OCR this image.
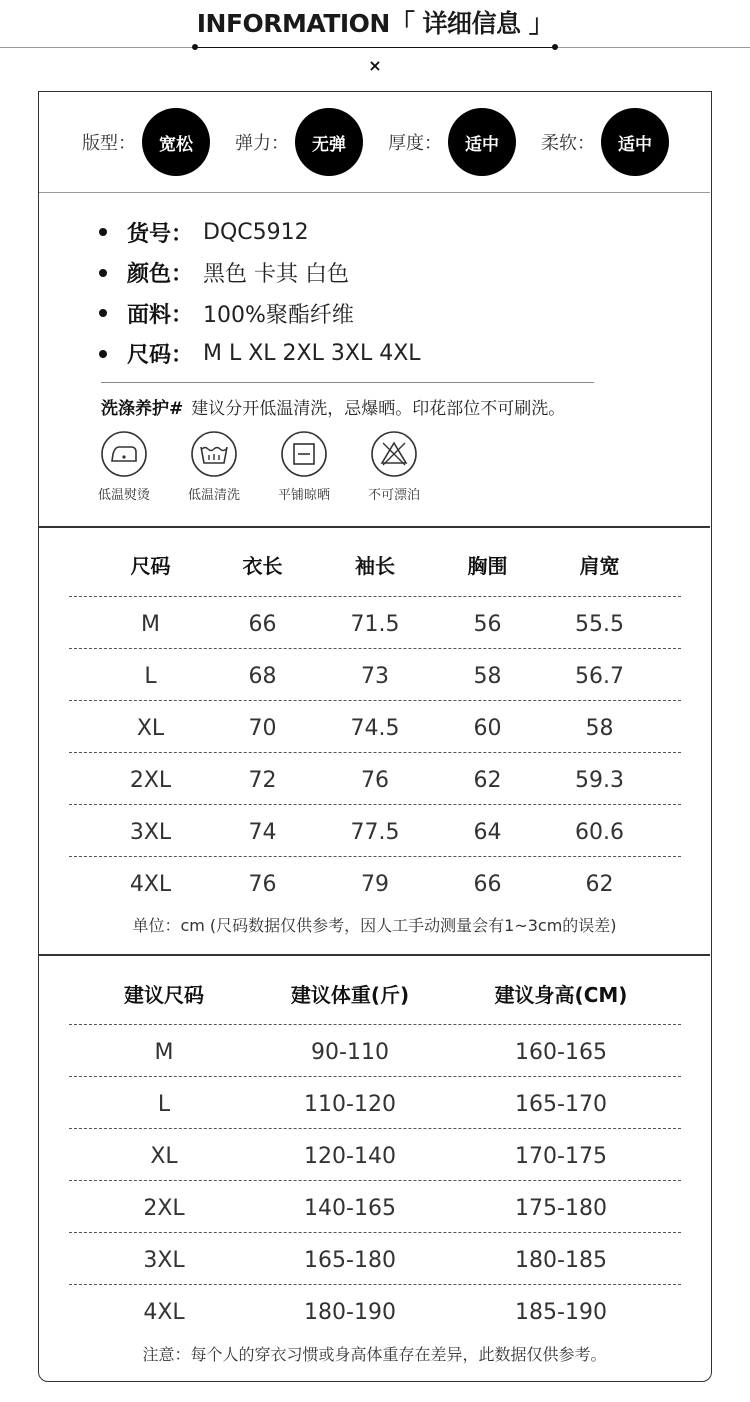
INFORMATION「 详细信息 」
×
版型：	宽松	弹力：	无弹	厚度：	适中	柔软：	适中
货号： DQC5912
颜色： 黑色 卡其 白色
面料： 100%聚酯纤维
尺码： M L XL 2XL 3XL 4XL
洗涤养护# 建议分开低温清洗，忌爆晒。印花部位不可刷洗。
低温熨烫	低温清洗	平铺晾晒	不可漂泊
尺码	衣长	袖长	胸围	肩宽
M	66	71.5	56	55.5
L	68	73	58	56.7
XL	70	74.5	60	58
2XL	72	76	62	59.3
3XL	74	77.5	64	60.6
4XL	76	79	66	62
单位：cm (尺码数据仅供参考，因人工手动测量会有1~3cm的误差)
建议尺码	建议体重(斤)	建议身高(CM)
M	90-110	160-165
L	110-120	165-170
XL	120-140	170-175
2XL	140-165	175-180
3XL	165-180	180-185
4XL	180-190	185-190
注意：每个人的穿衣习惯或身高体重存在差异，此数据仅供参考。
